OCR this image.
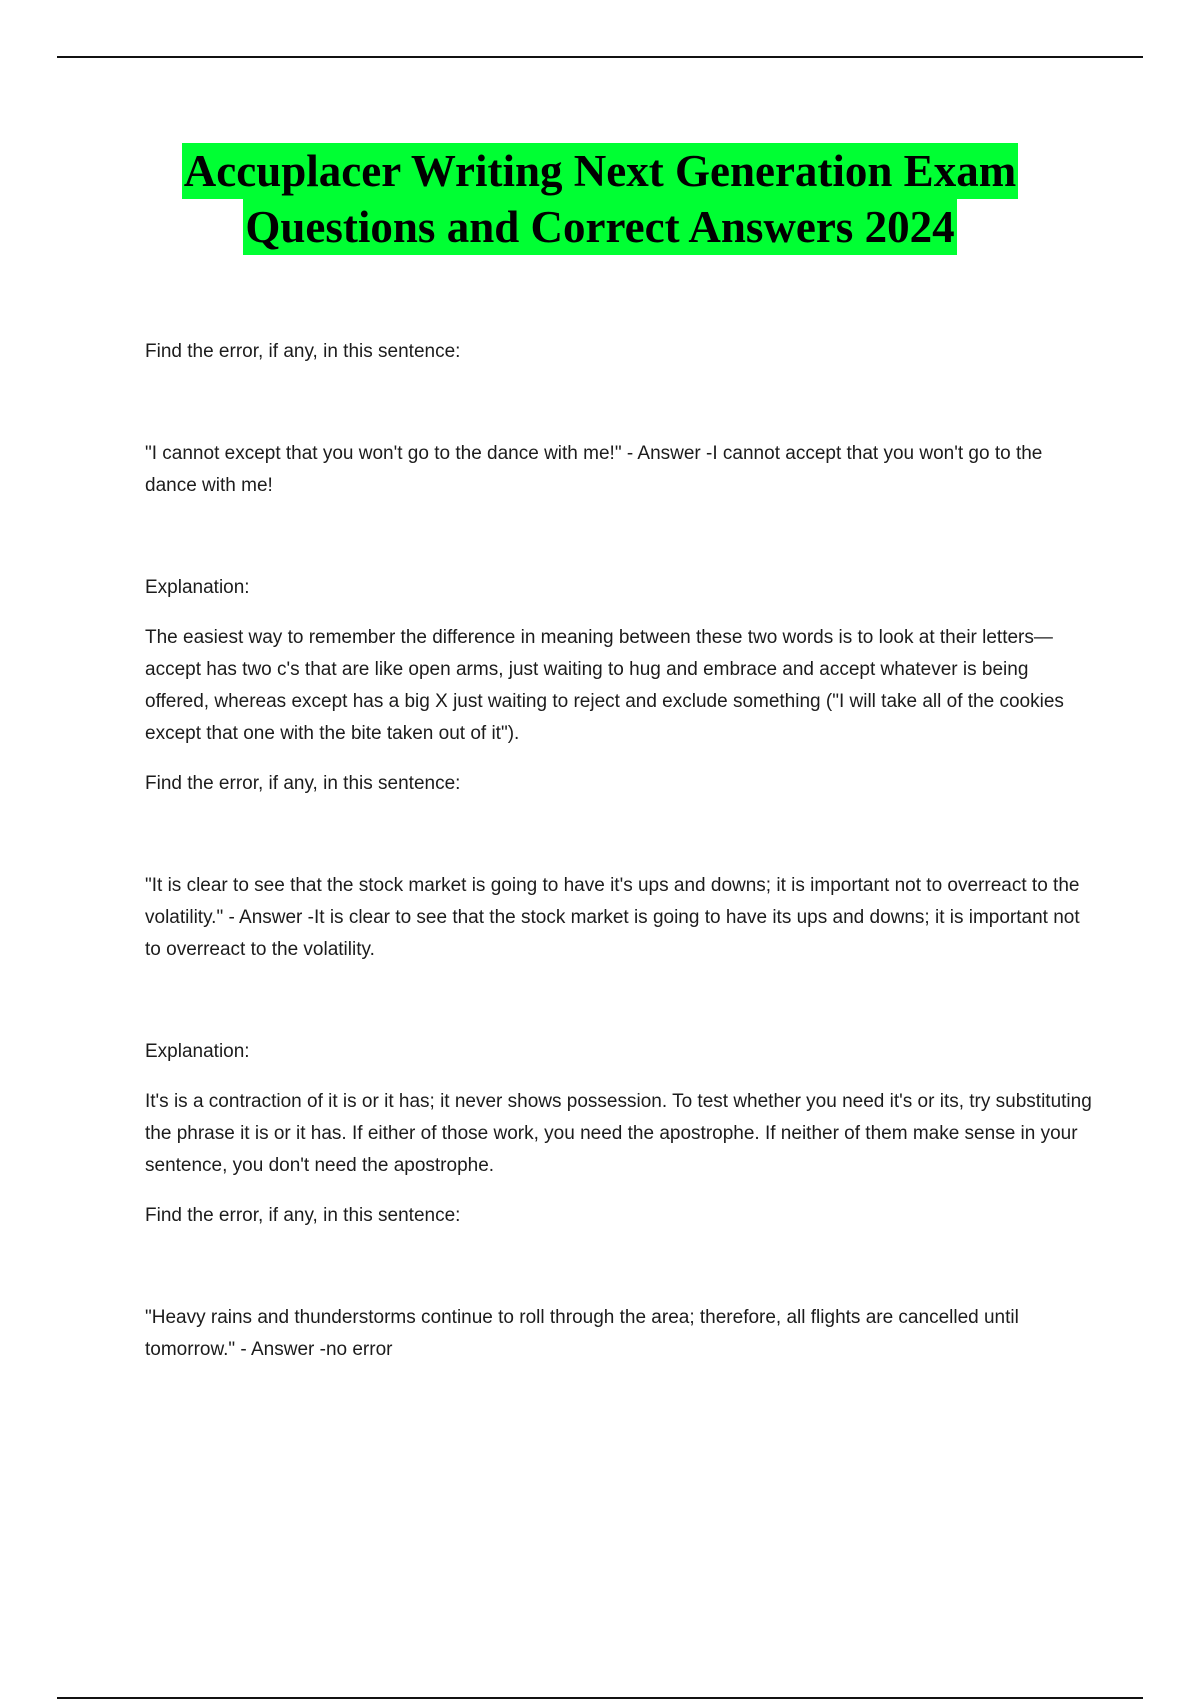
Accuplacer Writing Next Generation Exam
Questions and Correct Answers 2024

Find the error, if any, in this sentence:

"I cannot except that you won't go to the dance with me!" - Answer -I cannot accept that you won't go to the dance with me!

Explanation:

The easiest way to remember the difference in meaning between these two words is to look at their letters—accept has two c's that are like open arms, just waiting to hug and embrace and accept whatever is being offered, whereas except has a big X just waiting to reject and exclude something ("I will take all of the cookies except that one with the bite taken out of it").

Find the error, if any, in this sentence:

"It is clear to see that the stock market is going to have it's ups and downs; it is important not to overreact to the volatility." - Answer -It is clear to see that the stock market is going to have its ups and downs; it is important not to overreact to the volatility.

Explanation:

It's is a contraction of it is or it has; it never shows possession. To test whether you need it's or its, try substituting the phrase it is or it has. If either of those work, you need the apostrophe. If neither of them make sense in your sentence, you don't need the apostrophe.

Find the error, if any, in this sentence:

"Heavy rains and thunderstorms continue to roll through the area; therefore, all flights are cancelled until tomorrow." - Answer -no error
